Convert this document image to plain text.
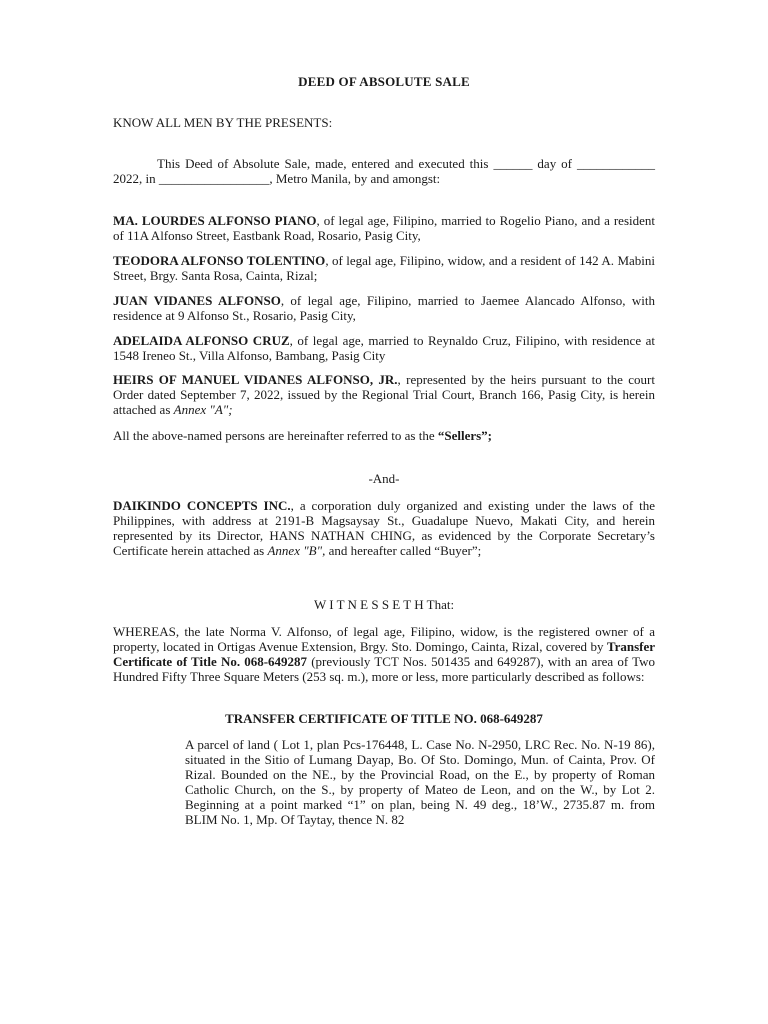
DEED OF ABSOLUTE SALE

KNOW ALL MEN BY THE PRESENTS:

This Deed of Absolute Sale, made, entered and executed this ______ day of ____________ 2022, in _________________, Metro Manila, by and amongst:

MA. LOURDES ALFONSO PIANO, of legal age, Filipino, married to Rogelio Piano, and a resident of 11A Alfonso Street, Eastbank Road, Rosario, Pasig City,

TEODORA ALFONSO TOLENTINO, of legal age, Filipino, widow, and a resident of 142 A. Mabini Street, Brgy. Santa Rosa, Cainta, Rizal;

JUAN VIDANES ALFONSO, of legal age, Filipino, married to Jaemee Alancado Alfonso, with residence at 9 Alfonso St., Rosario, Pasig City,

ADELAIDA ALFONSO CRUZ, of legal age, married to Reynaldo Cruz, Filipino, with residence at 1548 Ireneo St., Villa Alfonso, Bambang, Pasig City

HEIRS OF MANUEL VIDANES ALFONSO, JR., represented by the heirs pursuant to the court Order dated September 7, 2022, issued by the Regional Trial Court, Branch 166, Pasig City, is herein attached as Annex "A";

All the above-named persons are hereinafter referred to as the “Sellers”;

-And-

DAIKINDO CONCEPTS INC., a corporation duly organized and existing under the laws of the Philippines, with address at 2191-B Magsaysay St., Guadalupe Nuevo, Makati City, and herein represented by its Director, HANS NATHAN CHING, as evidenced by the Corporate Secretary’s Certificate herein attached as Annex "B", and hereafter called “Buyer”;

W I T N E S S E T H That:

WHEREAS, the late Norma V. Alfonso, of legal age, Filipino, widow, is the registered owner of a property, located in Ortigas Avenue Extension, Brgy. Sto. Domingo, Cainta, Rizal, covered by Transfer Certificate of Title No. 068-649287 (previously TCT Nos. 501435 and 649287), with an area of Two Hundred Fifty Three Square Meters (253 sq. m.), more or less, more particularly described as follows:

TRANSFER CERTIFICATE OF TITLE NO. 068-649287

A parcel of land ( Lot 1, plan Pcs-176448, L. Case No. N-2950, LRC Rec. No. N-19 86), situated in the Sitio of Lumang Dayap, Bo. Of Sto. Domingo, Mun. of Cainta, Prov. Of Rizal. Bounded on the NE., by the Provincial Road, on the E., by property of Roman Catholic Church, on the S., by property of Mateo de Leon, and on the W., by Lot 2. Beginning at a point marked “1” on plan, being N. 49 deg., 18’W., 2735.87 m. from BLIM No. 1, Mp. Of Taytay, thence N. 82
